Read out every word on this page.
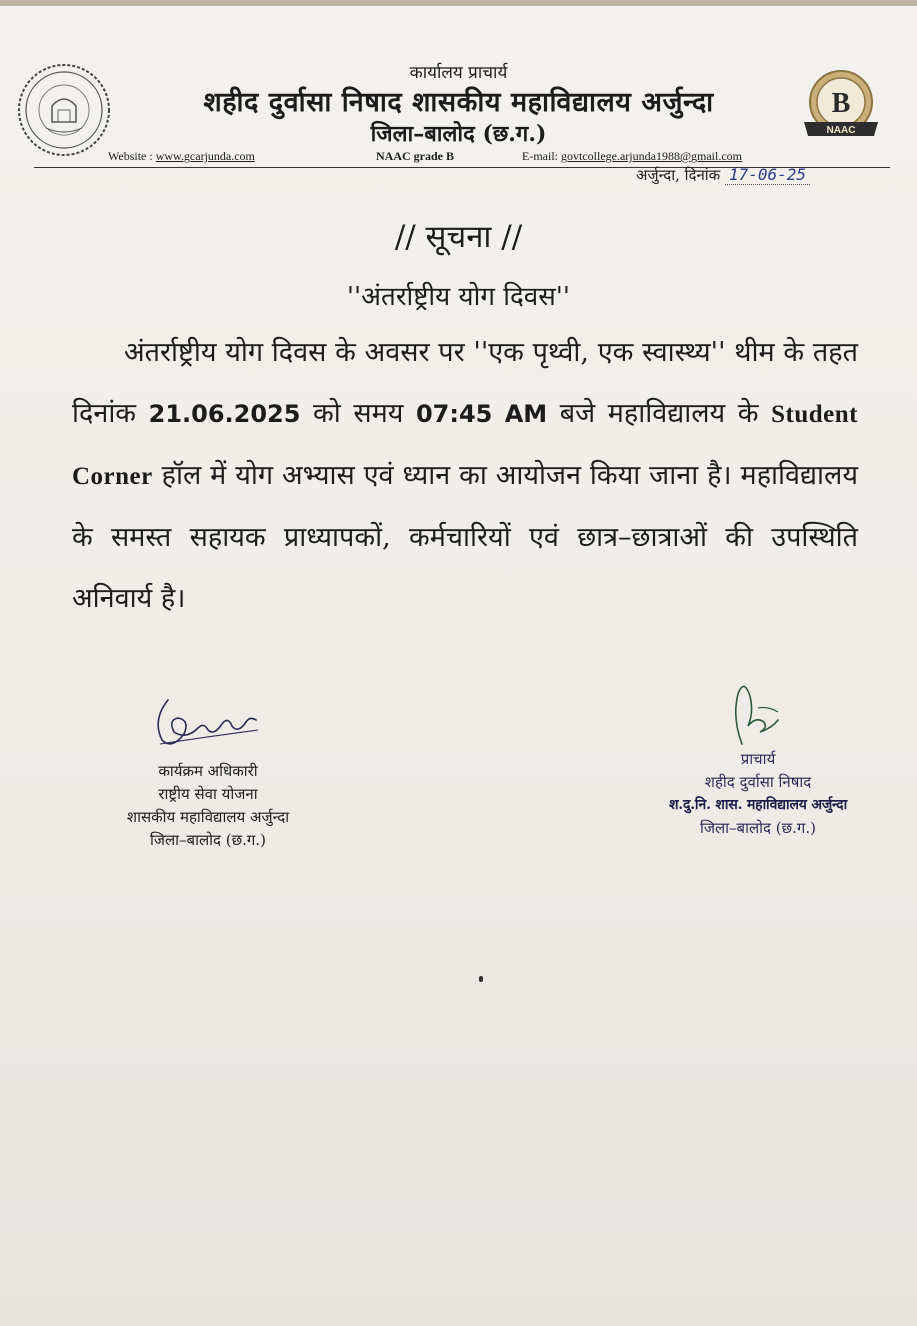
B
NAAC
कार्यालय प्राचार्य
शहीद दुर्वासा निषाद शासकीय महाविद्यालय अर्जुन्दा
जिला–बालोद (छ.ग.)
Website : www.gcarjunda.com	NAAC grade B	E-mail: govtcollege.arjunda1988@gmail.com
अर्जुन्दा, दिनांक 17-06-25
// सूचना //
''अंतर्राष्ट्रीय योग दिवस''
अंतर्राष्ट्रीय योग दिवस के अवसर पर ''एक पृथ्वी, एक स्वास्थ्य'' थीम के तहत दिनांक 21.06.2025 को समय 07:45 AM बजे महाविद्यालय के Student Corner हॉल में योग अभ्यास एवं ध्यान का आयोजन किया जाना है। महाविद्यालय के समस्त सहायक प्राध्यापकों, कर्मचारियों एवं छात्र–छात्राओं की उपस्थिति अनिवार्य है।
कार्यक्रम अधिकारी
राष्ट्रीय सेवा योजना
शासकीय महाविद्यालय अर्जुन्दा
जिला–बालोद (छ.ग.)
प्राचार्य
शहीद दुर्वासा निषाद
श.दु.नि. शास. महाविद्यालय अर्जुन्दा
जिला–बालोद (छ.ग.)
